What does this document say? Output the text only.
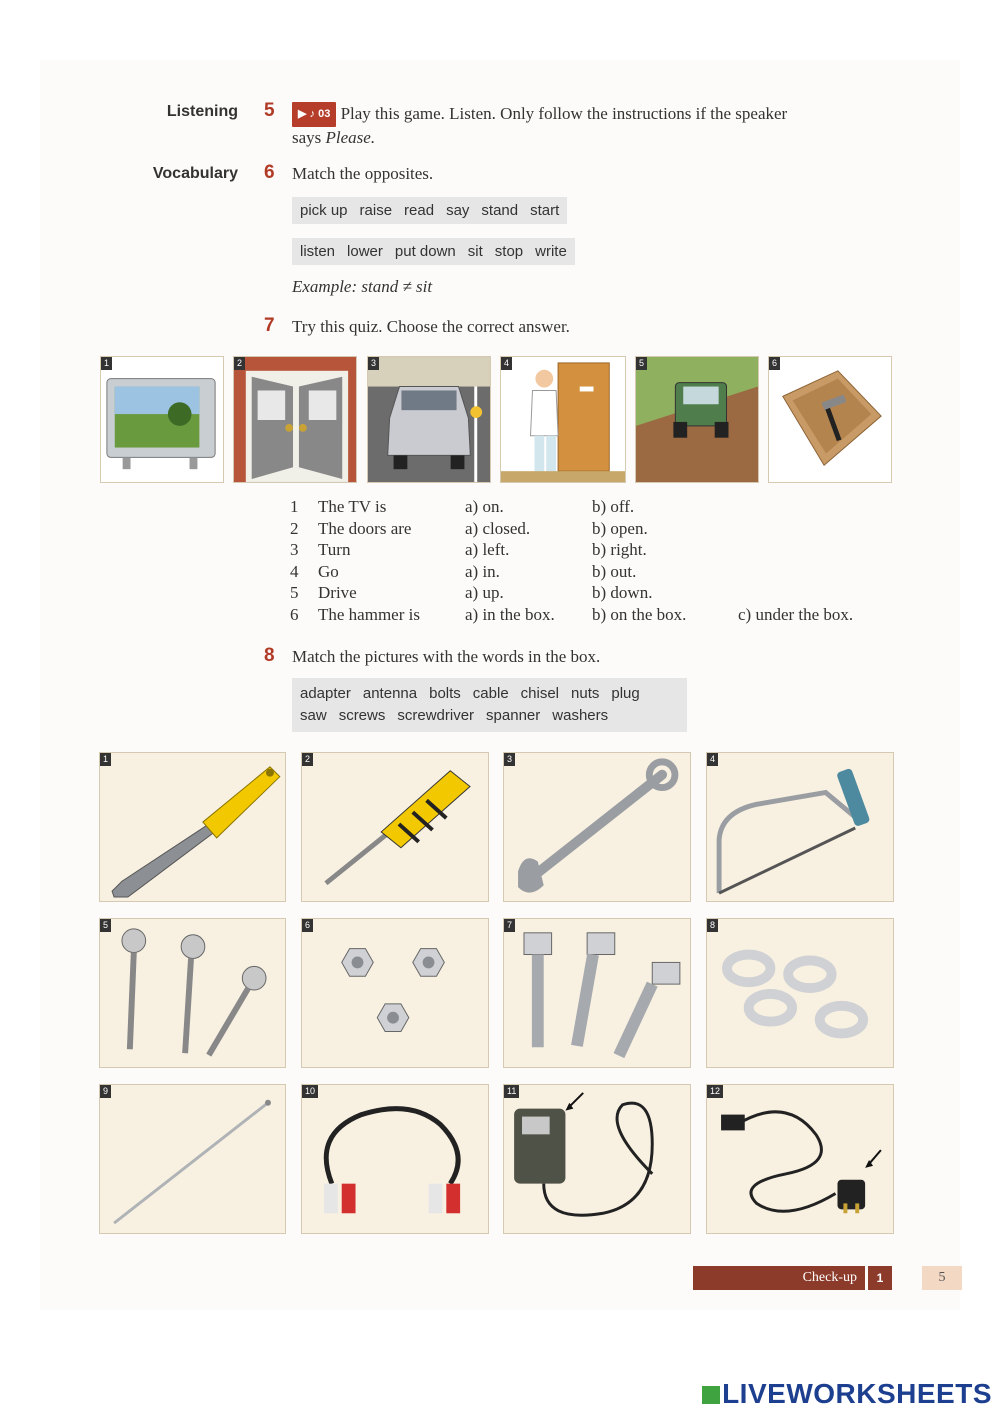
Listening 5	▶ ♪ 03 Play this game. Listen. Only follow the instructions if the speaker
says Please.
Vocabulary 6 Match the opposites.
pick up raise read say stand start
listen lower put down sit stop write
Example: stand ≠ sit
7 Try this quiz. Choose the correct answer.
1	2	3	4	5	6
1 The TV is	a) on.	b) off.
2 The doors are	a) closed.	b) open.
3 Turn	a) left.	b) right.
4 Go	a) in.	b) out.
5 Drive	a) up.	b) down.
6 The hammer is	a) in the box. b) on the box.	c) under the box.
8 Match the pictures with the words in the box.
adapter antenna bolts cable chisel nuts plug
saw screws screwdriver spanner washers
1	2	3	4
5	6	7	8
9	10	11	12
Check-up	1	5
LIVEWORKSHEETS
